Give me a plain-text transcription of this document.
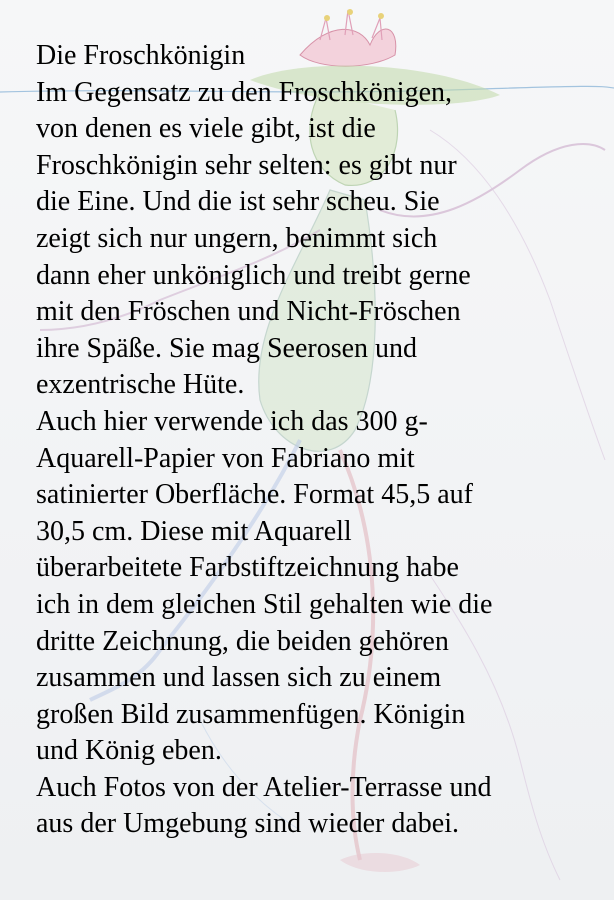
Die Froschkönigin
Im Gegensatz zu den Froschkönigen,
von denen es viele gibt, ist die
Froschkönigin sehr selten: es gibt nur
die Eine. Und die ist sehr scheu. Sie
zeigt sich nur ungern, benimmt sich
dann eher unköniglich und treibt gerne
mit den Fröschen und Nicht-Fröschen
ihre Späße. Sie mag Seerosen und
exzentrische Hüte.
Auch hier verwende ich das 300 g-
Aquarell-Papier von Fabriano mit
satinierter Oberfläche. Format 45,5 auf
30,5 cm. Diese mit Aquarell
überarbeitete Farbstiftzeichnung habe
ich in dem gleichen Stil gehalten wie die
dritte Zeichnung, die beiden gehören
zusammen und lassen sich zu einem
großen Bild zusammenfügen. Königin
und König eben.
Auch Fotos von der Atelier-Terrasse und
aus der Umgebung sind wieder dabei.
